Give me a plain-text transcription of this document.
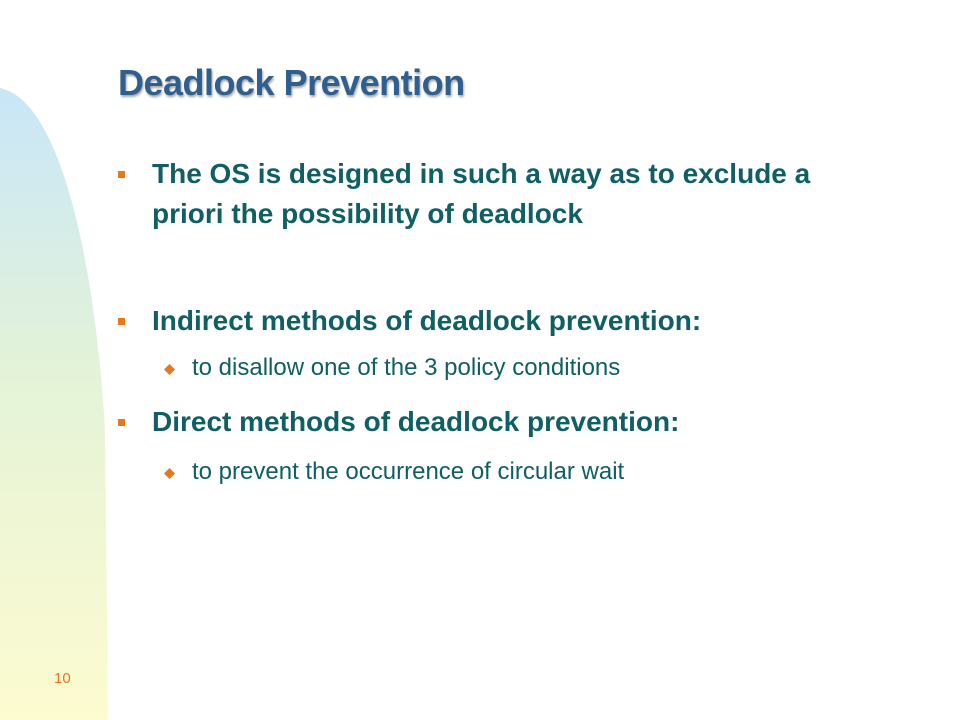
Deadlock Prevention
The OS is designed in such a way as to exclude a priori the possibility of deadlock
Indirect methods of deadlock prevention:
to disallow one of the 3 policy conditions
Direct methods of deadlock prevention:
to prevent the occurrence of circular wait
10
